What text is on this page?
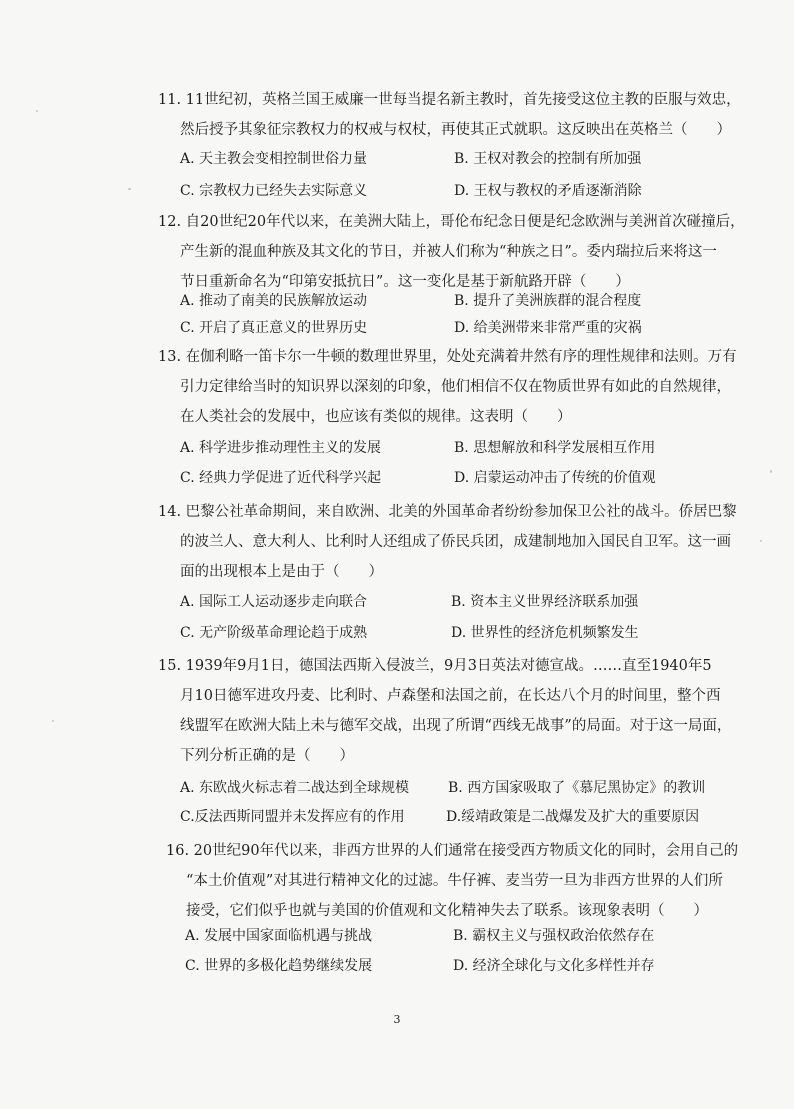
11. 11世纪初，英格兰国王威廉一世每当提名新主教时，首先接受这位主教的臣服与效忠，
然后授予其象征宗教权力的权戒与权杖，再使其正式就职。这反映出在英格兰（　　）
A. 天主教会变相控制世俗力量	B. 王权对教会的控制有所加强
C. 宗教权力已经失去实际意义	D. 王权与教权的矛盾逐渐消除
12. 自20世纪20年代以来，在美洲大陆上，哥伦布纪念日便是纪念欧洲与美洲首次碰撞后，
产生新的混血种族及其文化的节日，并被人们称为“种族之日”。委内瑞拉后来将这一
节日重新命名为“印第安抵抗日”。这一变化是基于新航路开辟（　　）
A. 推动了南美的民族解放运动	B. 提升了美洲族群的混合程度
C. 开启了真正意义的世界历史	D. 给美洲带来非常严重的灾祸
13. 在伽利略一笛卡尔一牛顿的数理世界里，处处充满着井然有序的理性规律和法则。万有
引力定律给当时的知识界以深刻的印象，他们相信不仅在物质世界有如此的自然规律，
在人类社会的发展中，也应该有类似的规律。这表明（　　）
A. 科学进步推动理性主义的发展	B. 思想解放和科学发展相互作用
C. 经典力学促进了近代科学兴起	D. 启蒙运动冲击了传统的价值观
14. 巴黎公社革命期间，来自欧洲、北美的外国革命者纷纷参加保卫公社的战斗。侨居巴黎
的波兰人、意大利人、比利时人还组成了侨民兵团，成建制地加入国民自卫军。这一画
面的出现根本上是由于（　　）
A. 国际工人运动逐步走向联合	B. 资本主义世界经济联系加强
C. 无产阶级革命理论趋于成熟	D. 世界性的经济危机频繁发生
15. 1939年9月1日，德国法西斯入侵波兰，9月3日英法对德宣战。……直至1940年5
月10日德军进攻丹麦、比利时、卢森堡和法国之前，在长达八个月的时间里，整个西
线盟军在欧洲大陆上未与德军交战，出现了所谓“西线无战事”的局面。对于这一局面，
下列分析正确的是（　　）
A. 东欧战火标志着二战达到全球规模	B. 西方国家吸取了《慕尼黑协定》的教训
C.反法西斯同盟并未发挥应有的作用	D.绥靖政策是二战爆发及扩大的重要原因
16. 20世纪90年代以来，非西方世界的人们通常在接受西方物质文化的同时，会用自己的
“本土价值观”对其进行精神文化的过滤。牛仔裤、麦当劳一旦为非西方世界的人们所
接受，它们似乎也就与美国的价值观和文化精神失去了联系。该现象表明（　　）
A. 发展中国家面临机遇与挑战	B. 霸权主义与强权政治依然存在
C. 世界的多极化趋势继续发展	D. 经济全球化与文化多样性并存
3
